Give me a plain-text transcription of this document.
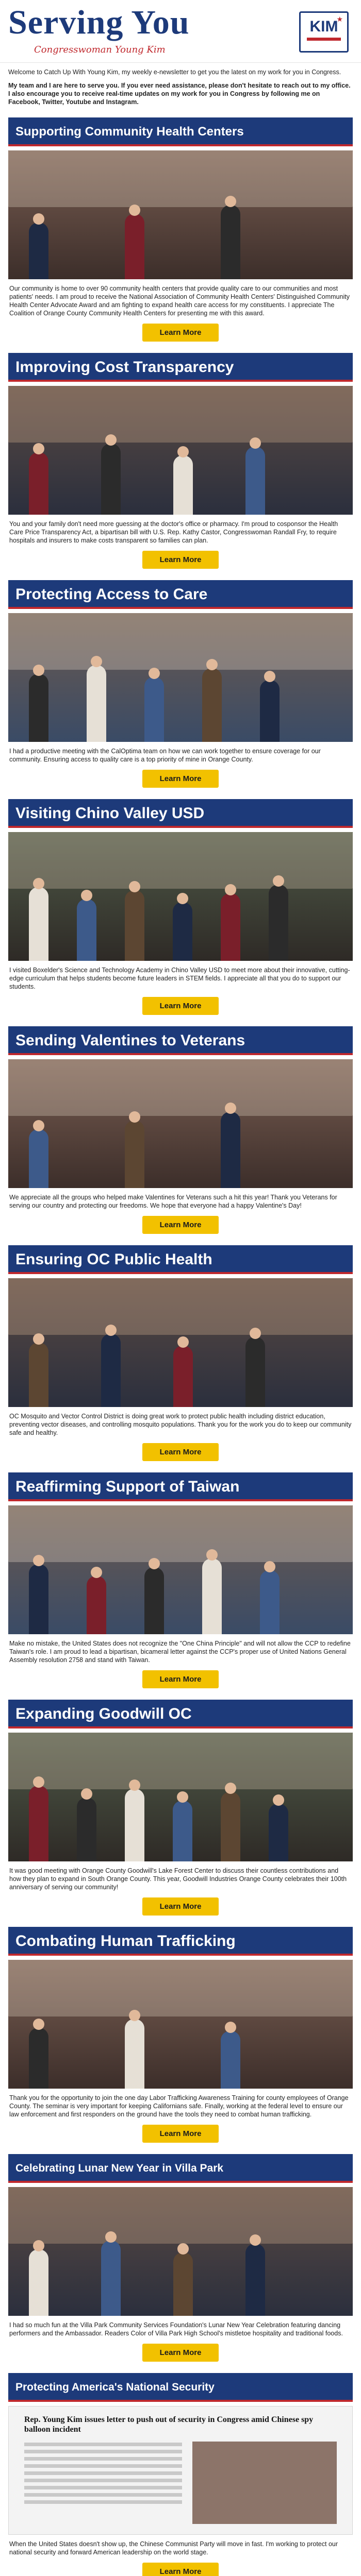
Serving You
Congresswoman Young Kim
★
KIM

Welcome to Catch Up With Young Kim, my weekly e-newsletter to get you the latest on my work for you in Congress.

My team and I are here to serve you. If you ever need assistance, please don't hesitate to reach out to my office. I also encourage you to receive real-time updates on my work for you in Congress by following me on Facebook, Twitter, Youtube and Instagram.

Supporting Community Health Centers
Our community is home to over 90 community health centers that provide quality care to our communities and most patients' needs. I am proud to receive the National Association of Community Health Centers' Distinguished Community Health Center Advocate Award and am fighting to expand health care access for my constituents. I appreciate The Coalition of Orange County Community Health Centers for presenting me with this award.
Learn More
Improving Cost Transparency
You and your family don't need more guessing at the doctor's office or pharmacy. I'm proud to cosponsor the Health Care Price Transparency Act, a bipartisan bill with U.S. Rep. Kathy Castor, Congresswoman Randall Fry, to require hospitals and insurers to make costs transparent so families can plan.
Learn More
Protecting Access to Care
I had a productive meeting with the CalOptima team on how we can work together to ensure coverage for our community. Ensuring access to quality care is a top priority of mine in Orange County.
Learn More
Visiting Chino Valley USD
I visited Boxelder's Science and Technology Academy in Chino Valley USD to meet more about their innovative, cutting-edge curriculum that helps students become future leaders in STEM fields. I appreciate all that you do to support our students.
Learn More
Sending Valentines to Veterans
We appreciate all the groups who helped make Valentines for Veterans such a hit this year! Thank you Veterans for serving our country and protecting our freedoms. We hope that everyone had a happy Valentine's Day!
Learn More
Ensuring OC Public Health
OC Mosquito and Vector Control District is doing great work to protect public health including district education, preventing vector diseases, and controlling mosquito populations. Thank you for the work you do to keep our community safe and healthy.
Learn More
Reaffirming Support of Taiwan
Make no mistake, the United States does not recognize the "One China Principle" and will not allow the CCP to redefine Taiwan's role. I am proud to lead a bipartisan, bicameral letter against the CCP's proper use of United Nations General Assembly resolution 2758 and stand with Taiwan.
Learn More
Expanding Goodwill OC
It was good meeting with Orange County Goodwill's Lake Forest Center to discuss their countless contributions and how they plan to expand in South Orange County. This year, Goodwill Industries Orange County celebrates their 100th anniversary of serving our community!
Learn More
Combating Human Trafficking
Thank you for the opportunity to join the one day Labor Trafficking Awareness Training for county employees of Orange County. The seminar is very important for keeping Californians safe. Finally, working at the federal level to ensure our law enforcement and first responders on the ground have the tools they need to combat human trafficking.
Learn More
Celebrating Lunar New Year in Villa Park
I had so much fun at the Villa Park Community Services Foundation's Lunar New Year Celebration featuring dancing performers and the Ambassador. Readers Color of Villa Park High School's mistletoe hospitality and traditional foods.
Learn More
Protecting America's National Security
Rep. Young Kim issues letter to push out of security in Congress amid Chinese spy balloon incident
When the United States doesn't show up, the Chinese Communist Party will move in fast. I'm working to protect our national security and forward American leadership on the world stage.
Learn More
